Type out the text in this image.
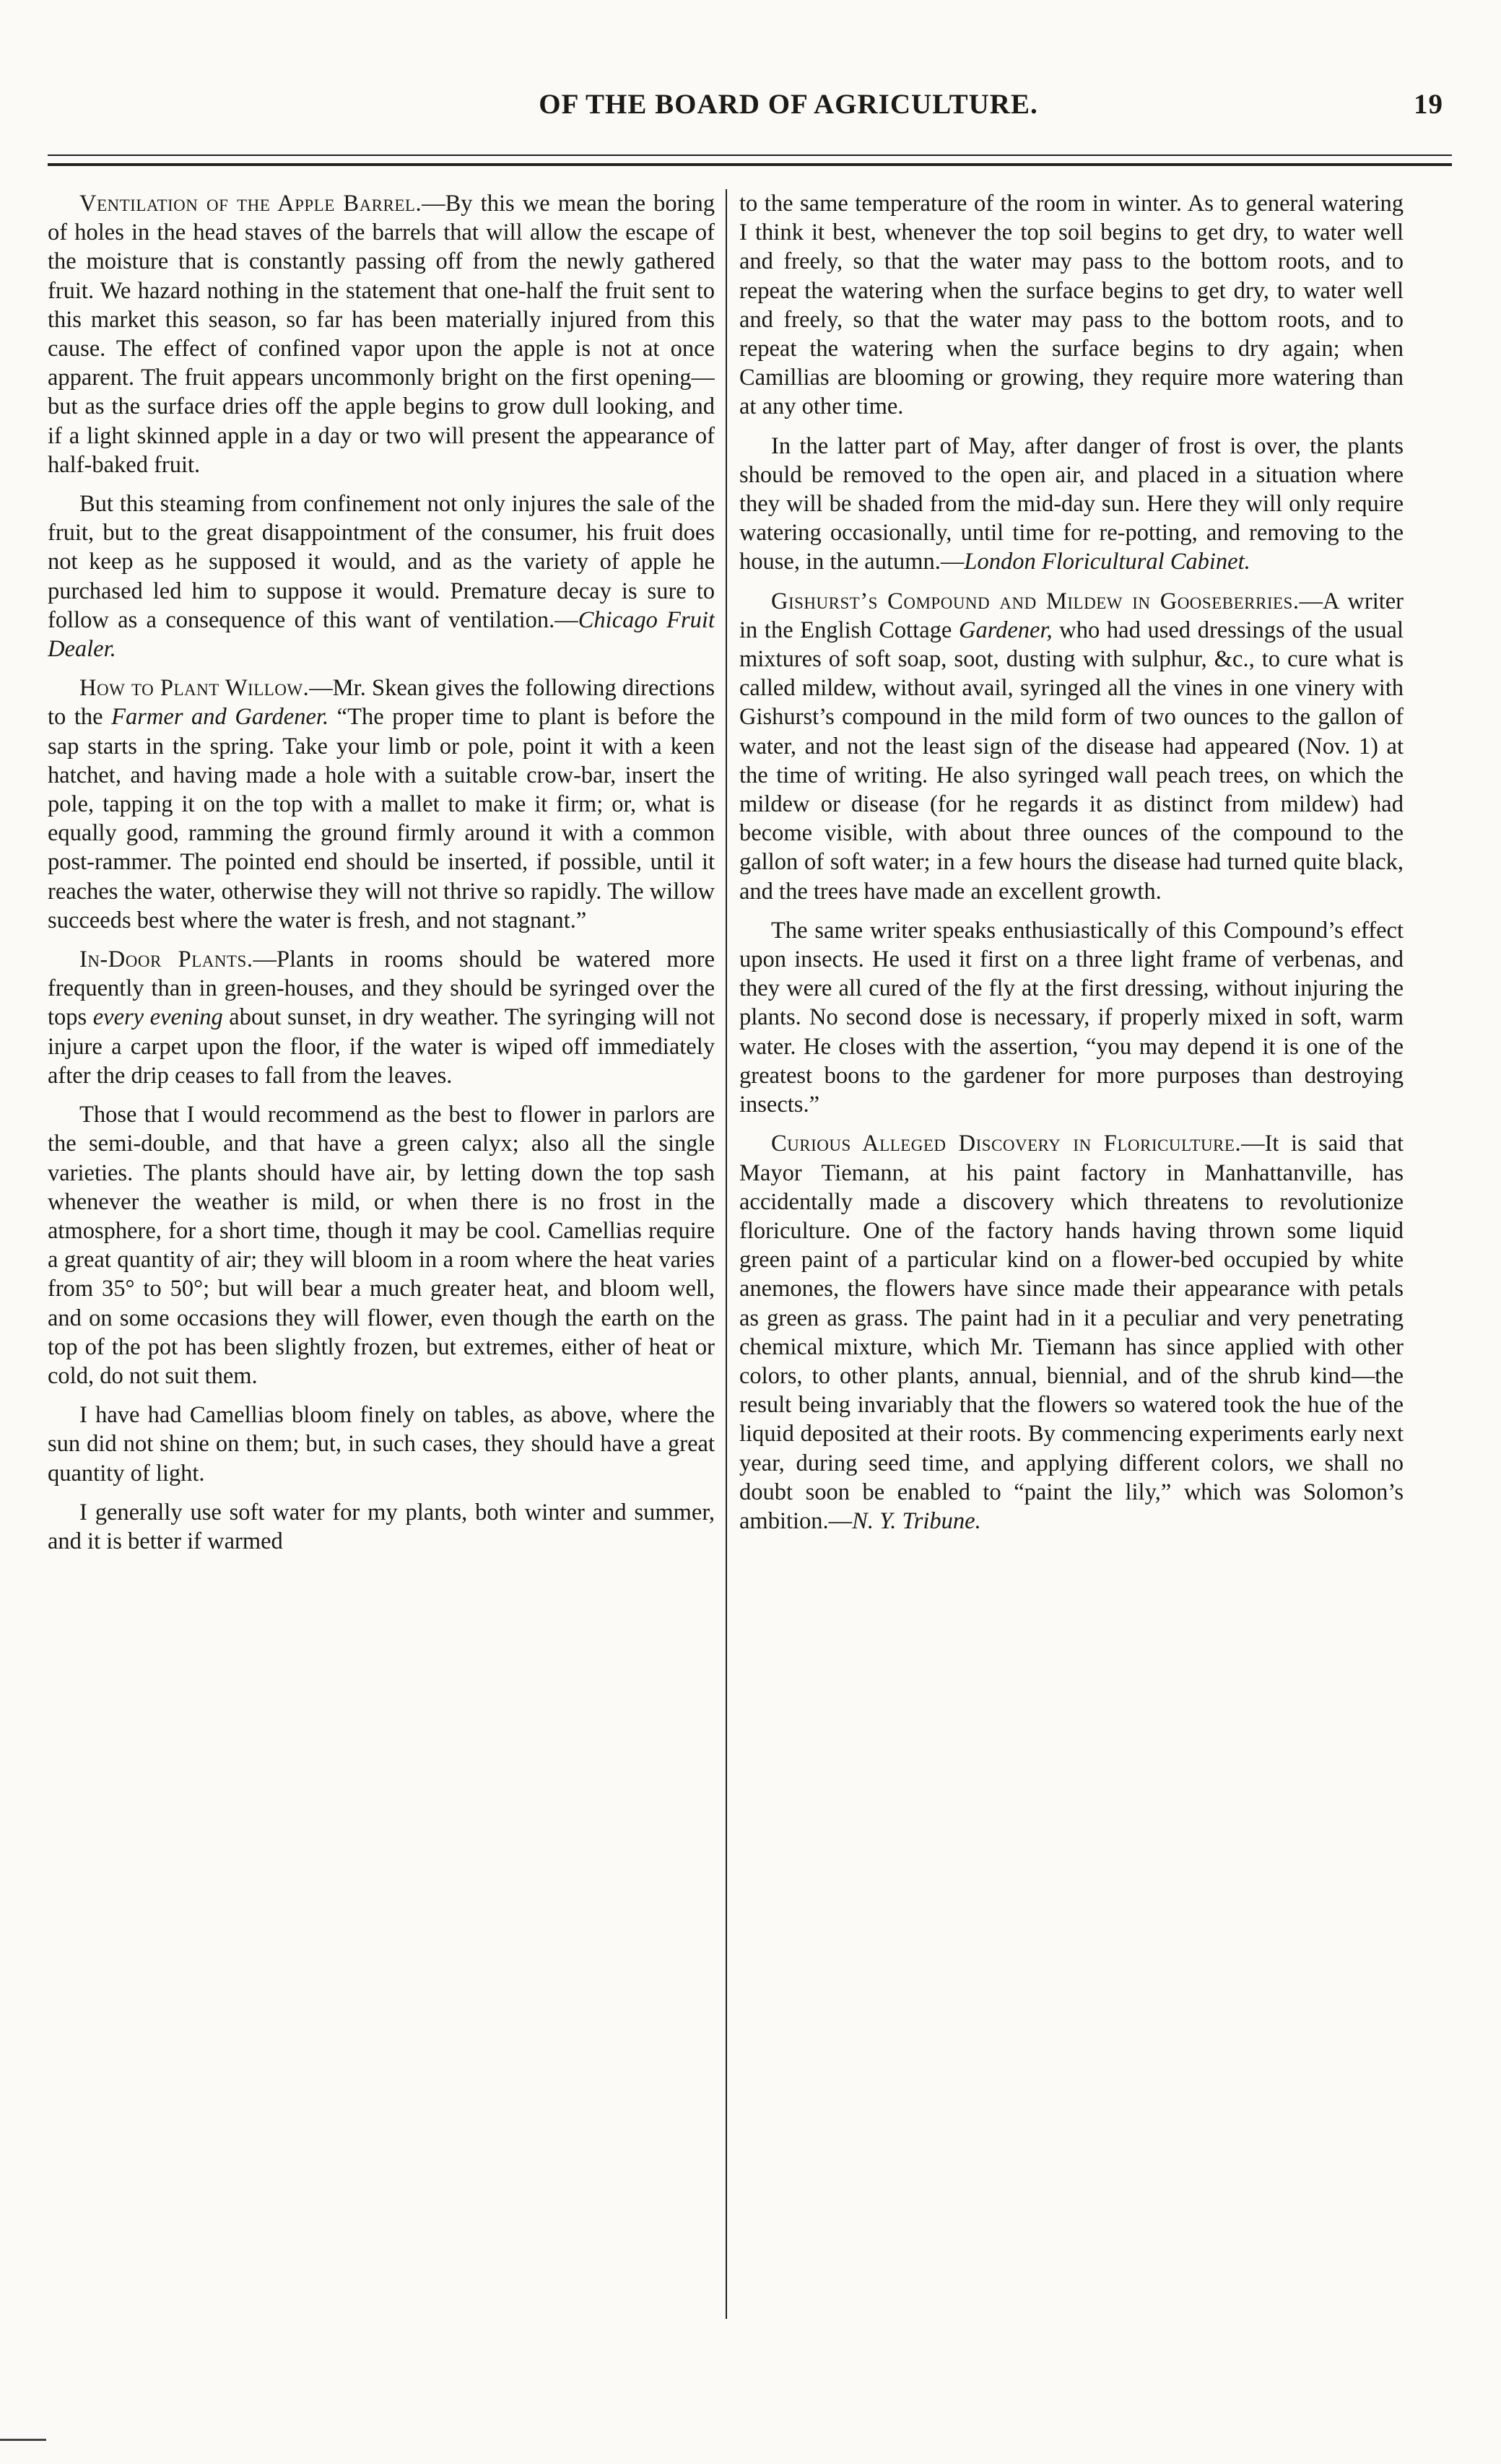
OF THE BOARD OF AGRICULTURE.	19

Ventilation of the Apple Barrel.—By this we mean the boring of holes in the head staves of the barrels that will allow the escape of the moisture that is constantly passing off from the newly gathered fruit. We hazard nothing in the statement that one-half the fruit sent to this market this season, so far has been materially injured from this cause. The effect of confined vapor upon the apple is not at once apparent. The fruit appears uncommonly bright on the first opening—but as the surface dries off the apple begins to grow dull looking, and if a light skinned apple in a day or two will present the appearance of half-baked fruit.

But this steaming from confinement not only injures the sale of the fruit, but to the great disappointment of the consumer, his fruit does not keep as he supposed it would, and as the variety of apple he purchased led him to suppose it would. Premature decay is sure to follow as a consequence of this want of ventilation.—Chicago Fruit Dealer.

How to Plant Willow.—Mr. Skean gives the following directions to the Farmer and Gardener. “The proper time to plant is before the sap starts in the spring. Take your limb or pole, point it with a keen hatchet, and having made a hole with a suitable crow-bar, insert the pole, tapping it on the top with a mallet to make it firm; or, what is equally good, ramming the ground firmly around it with a common post-rammer. The pointed end should be inserted, if possible, until it reaches the water, otherwise they will not thrive so rapidly. The willow succeeds best where the water is fresh, and not stagnant.”

In-Door Plants.—Plants in rooms should be watered more frequently than in green-houses, and they should be syringed over the tops every evening about sunset, in dry weather. The syringing will not injure a carpet upon the floor, if the water is wiped off immediately after the drip ceases to fall from the leaves.

Those that I would recommend as the best to flower in parlors are the semi-double, and that have a green calyx; also all the single varieties. The plants should have air, by letting down the top sash whenever the weather is mild, or when there is no frost in the atmosphere, for a short time, though it may be cool. Camellias require a great quantity of air; they will bloom in a room where the heat varies from 35° to 50°; but will bear a much greater heat, and bloom well, and on some occasions they will flower, even though the earth on the top of the pot has been slightly frozen, but extremes, either of heat or cold, do not suit them.

I have had Camellias bloom finely on tables, as above, where the sun did not shine on them; but, in such cases, they should have a great quantity of light.

I generally use soft water for my plants, both winter and summer, and it is better if warmed

to the same temperature of the room in winter. As to general watering I think it best, whenever the top soil begins to get dry, to water well and freely, so that the water may pass to the bottom roots, and to repeat the watering when the surface begins to get dry, to water well and freely, so that the water may pass to the bottom roots, and to repeat the watering when the surface begins to dry again; when Camillias are blooming or growing, they require more watering than at any other time.

In the latter part of May, after danger of frost is over, the plants should be removed to the open air, and placed in a situation where they will be shaded from the mid-day sun. Here they will only require watering occasionally, until time for re-potting, and removing to the house, in the autumn.—London Floricultural Cabinet.

Gishurst’s Compound and Mildew in Gooseberries.—A writer in the English Cottage Gardener, who had used dressings of the usual mixtures of soft soap, soot, dusting with sulphur, &c., to cure what is called mildew, without avail, syringed all the vines in one vinery with Gishurst’s compound in the mild form of two ounces to the gallon of water, and not the least sign of the disease had appeared (Nov. 1) at the time of writing. He also syringed wall peach trees, on which the mildew or disease (for he regards it as distinct from mildew) had become visible, with about three ounces of the compound to the gallon of soft water; in a few hours the disease had turned quite black, and the trees have made an excellent growth.

The same writer speaks enthusiastically of this Compound’s effect upon insects. He used it first on a three light frame of verbenas, and they were all cured of the fly at the first dressing, without injuring the plants. No second dose is necessary, if properly mixed in soft, warm water. He closes with the assertion, “you may depend it is one of the greatest boons to the gardener for more purposes than destroying insects.”

Curious Alleged Discovery in Floriculture.—It is said that Mayor Tiemann, at his paint factory in Manhattanville, has accidentally made a discovery which threatens to revolutionize floriculture. One of the factory hands having thrown some liquid green paint of a particular kind on a flower-bed occupied by white anemones, the flowers have since made their appearance with petals as green as grass. The paint had in it a peculiar and very penetrating chemical mixture, which Mr. Tiemann has since applied with other colors, to other plants, annual, biennial, and of the shrub kind—the result being invariably that the flowers so watered took the hue of the liquid deposited at their roots. By commencing experiments early next year, during seed time, and applying different colors, we shall no doubt soon be enabled to “paint the lily,” which was Solomon’s ambition.—N. Y. Tribune.
